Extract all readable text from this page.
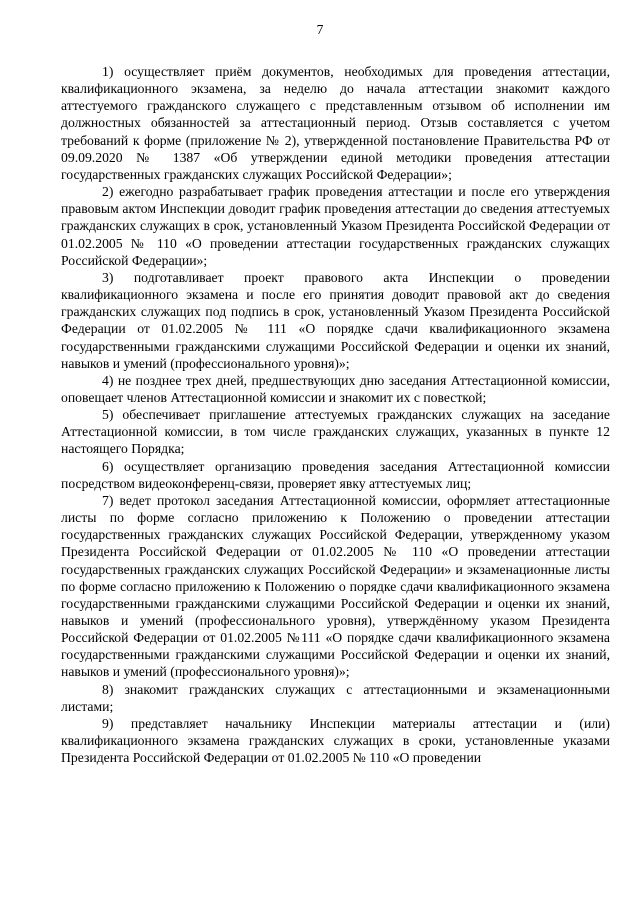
7

1) осуществляет приём документов, необходимых для проведения аттестации, квалификационного экзамена, за неделю до начала аттестации знакомит каждого аттестуемого гражданского служащего с представленным отзывом об исполнении им должностных обязанностей за аттестационный период. Отзыв составляется с учетом требований к форме (приложение № 2), утвержденной постановление Правительства РФ от 09.09.2020 № 1387 «Об утверждении единой методики проведения аттестации государственных гражданских служащих Российской Федерации»;

2) ежегодно разрабатывает график проведения аттестации и после его утверждения правовым актом Инспекции доводит график проведения аттестации до сведения аттестуемых гражданских служащих в срок, установленный Указом Президента Российской Федерации от 01.02.2005 № 110 «О проведении аттестации государственных гражданских служащих Российской Федерации»;

3) подготавливает проект правового акта Инспекции о проведении квалификационного экзамена и после его принятия доводит правовой акт до сведения гражданских служащих под подпись в срок, установленный Указом Президента Российской Федерации от 01.02.2005 № 111 «О порядке сдачи квалификационного экзамена государственными гражданскими служащими Российской Федерации и оценки их знаний, навыков и умений (профессионального уровня)»;

4) не позднее трех дней, предшествующих дню заседания Аттестационной комиссии, оповещает членов Аттестационной комиссии и знакомит их с повесткой;

5) обеспечивает приглашение аттестуемых гражданских служащих на заседание Аттестационной комиссии, в том числе гражданских служащих, указанных в пункте 12 настоящего Порядка;

6) осуществляет организацию проведения заседания Аттестационной комиссии посредством видеоконференц-связи, проверяет явку аттестуемых лиц;

7) ведет протокол заседания Аттестационной комиссии, оформляет аттестационные листы по форме согласно приложению к Положению о проведении аттестации государственных гражданских служащих Российской Федерации, утвержденному указом Президента Российской Федерации от 01.02.2005 № 110 «О проведении аттестации государственных гражданских служащих Российской Федерации» и экзаменационные листы по форме согласно приложению к Положению о порядке сдачи квалификационного экзамена государственными гражданскими служащими Российской Федерации и оценки их знаний, навыков и умений (профессионального уровня), утверждённому указом Президента Российской Федерации от 01.02.2005 №111 «О порядке сдачи квалификационного экзамена государственными гражданскими служащими Российской Федерации и оценки их знаний, навыков и умений (профессионального уровня)»;

8) знакомит гражданских служащих с аттестационными и экзаменационными листами;

9) представляет начальнику Инспекции материалы аттестации и (или) квалификационного экзамена гражданских служащих в сроки, установленные указами Президента Российской Федерации от 01.02.2005 № 110 «О проведении
